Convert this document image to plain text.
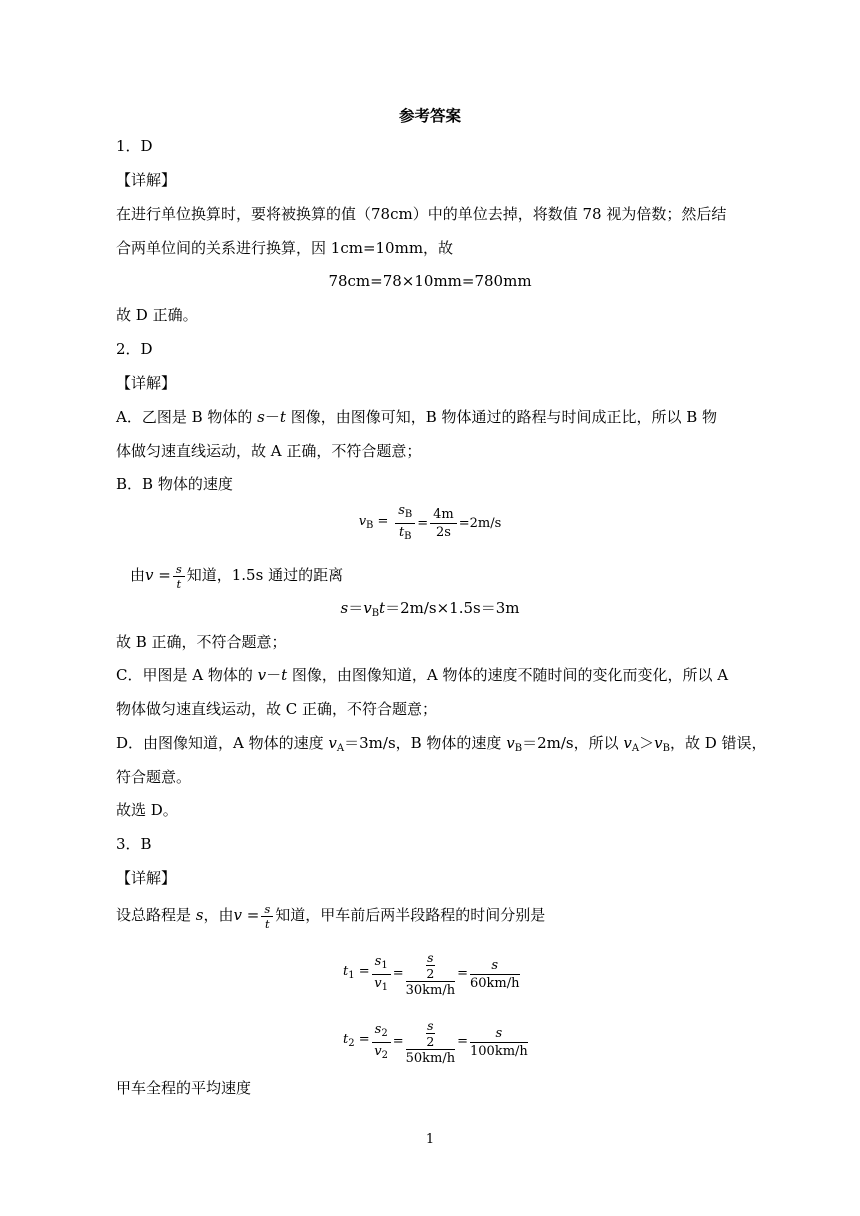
参考答案
1．D
【详解】
在进行单位换算时，要将被换算的值（78cm）中的单位去掉，将数值 78 视为倍数；然后结
合两单位间的关系进行换算，因 1cm=10mm，故
78cm=78×10mm=780mm
故 D 正确。
2．D
【详解】
A．乙图是 B 物体的 s－t 图像，由图像可知，B 物体通过的路程与时间成正比，所以 B 物
体做匀速直线运动，故 A 正确，不符合题意；
B．B 物体的速度
$v_B = \frac{s_B}{t_B} = \frac{4m}{2s} =2m/s$
由$v = \frac{s}{t}$ 知道，1.5s 通过的距离
$s=v_Bt=2m/s\times 1.5s=3m$
故 B 正确，不符合题意；
C．甲图是 A 物体的 v－t 图像，由图像知道，A 物体的速度不随时间的变化而变化，所以 A
物体做匀速直线运动，故 C 正确，不符合题意；
D．由图像知道，A 物体的速度 $v_A=3m/s$，B 物体的速度 $v_B=2m/s$，所以 $v_A>v_B$，故 D 错误，
符合题意。
故选 D。
3．B
【详解】
设总路程是 s，由$v = \frac{s}{t}$ 知道，甲车前后两半段路程的时间分别是
$t_1 = \frac{s_1}{v_1} = s$
2
$30km/h = \frac{s}{60km/h}$
$t_2 = \frac{s_2}{v_2} = s$
2
$50km/h = \frac{s}{100km/h}$
甲车全程的平均速度
1
